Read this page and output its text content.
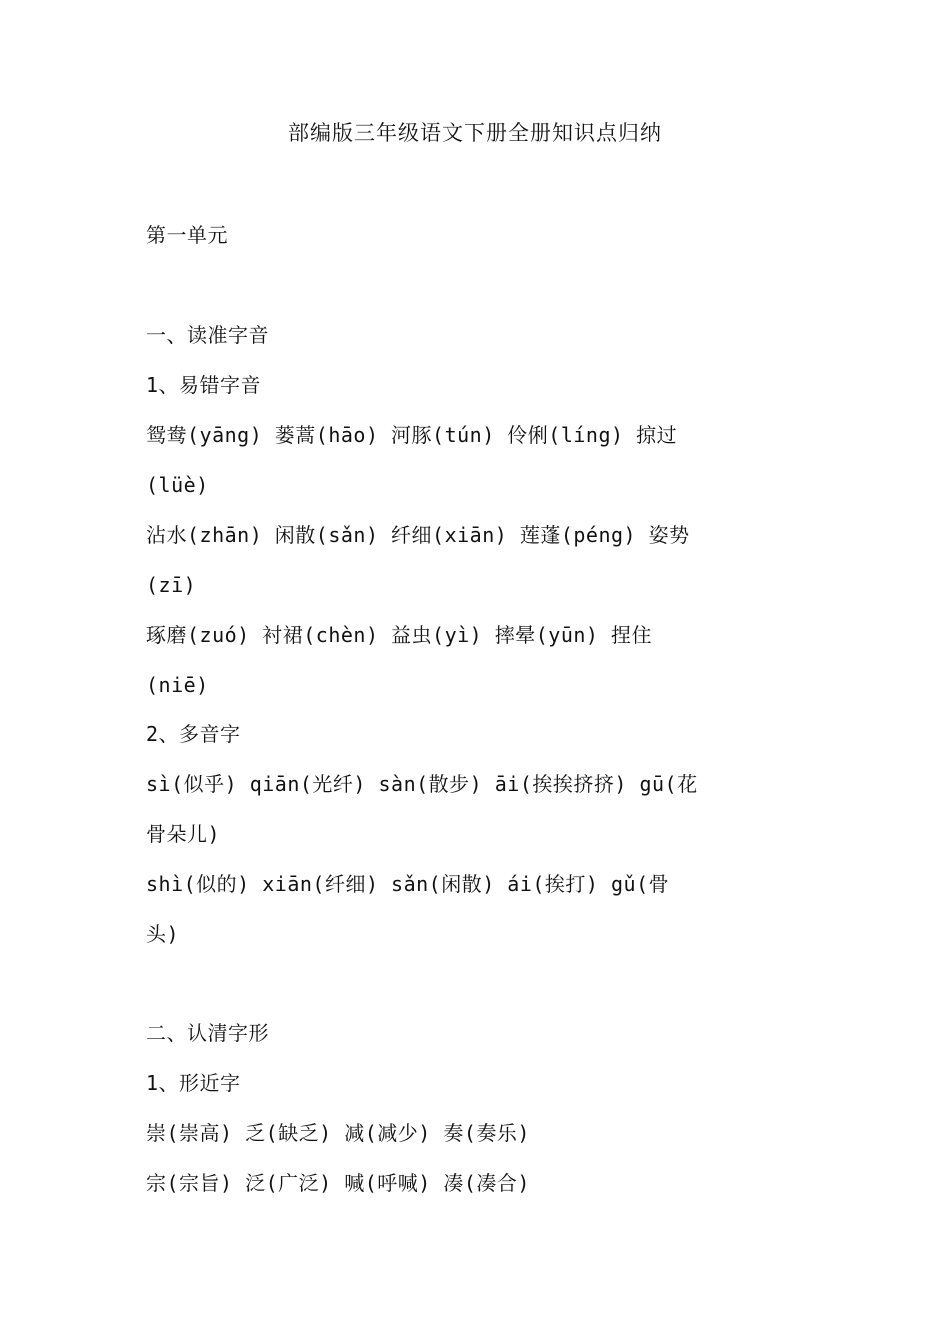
部编版三年级语文下册全册知识点归纳
第一单元
一、读准字音
1、易错字音
鸳鸯(yāng) 蒌蒿(hāo) 河豚(tún) 伶俐(líng) 掠过
(lüè)
沾水(zhān) 闲散(sǎn) 纤细(xiān) 莲蓬(péng) 姿势
(zī)
琢磨(zuó) 衬裙(chèn) 益虫(yì) 摔晕(yūn) 捏住
(niē)
2、多音字
sì(似乎) qiān(光纤) sàn(散步) āi(挨挨挤挤) gū(花
骨朵儿)
shì(似的) xiān(纤细) sǎn(闲散) ái(挨打) gǔ(骨
头)
二、认清字形
1、形近字
崇(崇高) 乏(缺乏) 减(减少) 奏(奏乐)
宗(宗旨) 泛(广泛) 喊(呼喊) 凑(凑合)
